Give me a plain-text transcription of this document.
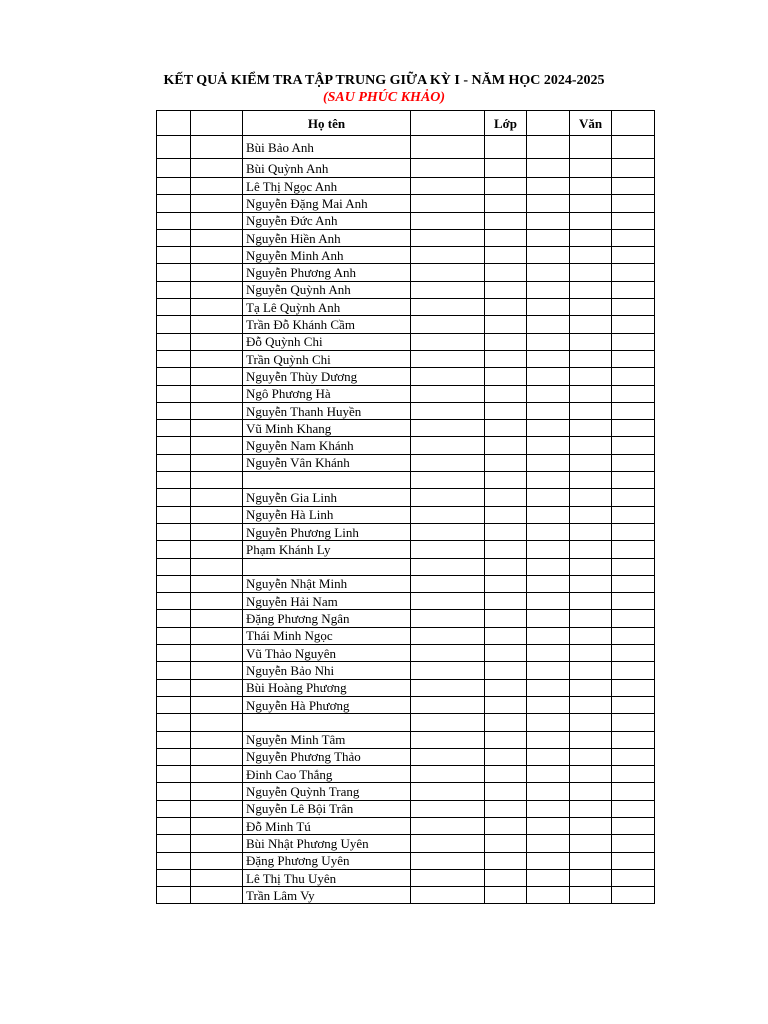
KẾT QUẢ KIỂM TRA TẬP TRUNG GIỮA KỲ I - NĂM HỌC 2024-2025
(SAU PHÚC KHẢO)
		Họ tên		Lớp		Văn	
		Bùi Bảo Anh					
		Bùi Quỳnh Anh					
		Lê Thị Ngọc Anh					
		Nguyễn Đặng Mai Anh					
		Nguyễn Đức Anh					
		Nguyễn Hiền Anh					
		Nguyễn Minh Anh					
		Nguyễn Phương Anh					
		Nguyễn Quỳnh Anh					
		Tạ Lê Quỳnh Anh					
		Trần Đỗ Khánh Cầm					
		Đỗ Quỳnh Chi					
		Trần Quỳnh Chi					
		Nguyễn Thùy Dương					
		Ngô Phương Hà					
		Nguyễn Thanh Huyền					
		Vũ Minh Khang					
		Nguyễn Nam Khánh					
		Nguyễn Vân Khánh					

		Nguyễn Gia Linh					
		Nguyễn Hà Linh					
		Nguyễn Phương Linh					
		Phạm Khánh Ly					

		Nguyễn Nhật Minh					
		Nguyễn Hải Nam					
		Đặng Phương Ngân					
		Thái Minh Ngọc					
		Vũ Thảo Nguyên					
		Nguyễn Bảo Nhi					
		Bùi Hoàng Phương					
		Nguyễn Hà Phương					

		Nguyễn Minh Tâm					
		Nguyễn Phương Thảo					
		Đinh Cao Thắng					
		Nguyễn Quỳnh Trang					
		Nguyễn Lê Bội Trân					
		Đỗ Minh Tú					
		Bùi Nhật Phương Uyên					
		Đặng Phương Uyên					
		Lê Thị Thu Uyên					
		Trần Lâm Vy					
